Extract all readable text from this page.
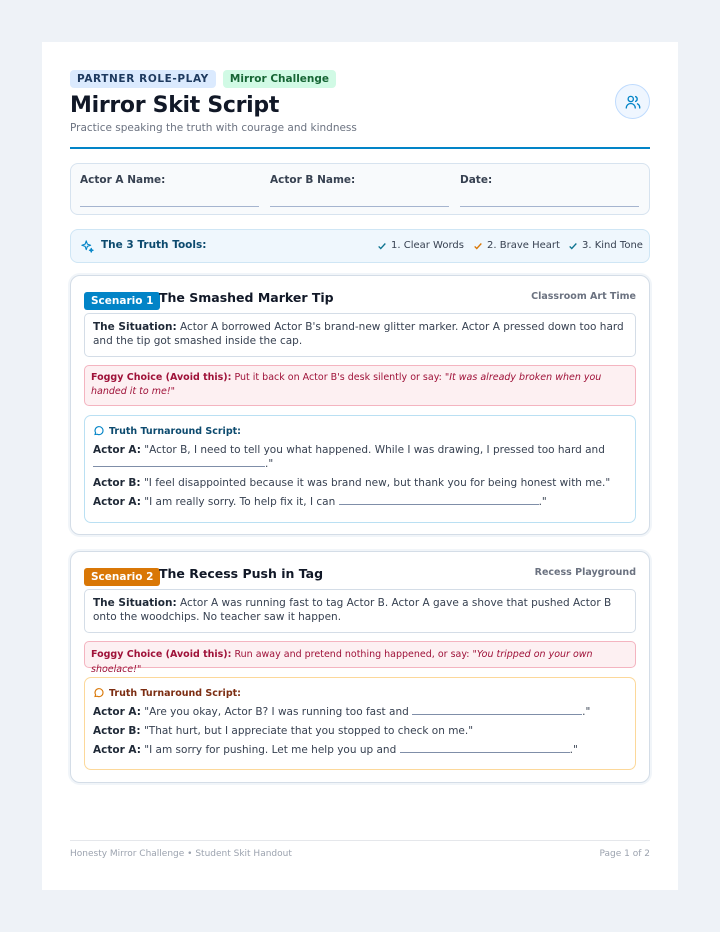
PARTNER ROLE-PLAY	Mirror Challenge
Mirror Skit Script
Practice speaking the truth with courage and kindness
Actor A Name:	Actor B Name:	Date:
The 3 Truth Tools:	1. Clear Words 2. Brave Heart 3. Kind Tone
Scenario 1 The Smashed Marker Tip	Classroom Art Time
The Situation: Actor A borrowed Actor B's brand-new glitter marker. Actor A pressed down too hard and the tip got smashed inside the cap.
Foggy Choice (Avoid this): Put it back on Actor B's desk silently or say: "It was already broken when you handed it to me!"
Truth Turnaround Script:
Actor A: "Actor B, I need to tell you what happened. While I was drawing, I pressed too hard and
."
Actor B: "I feel disappointed because it was brand new, but thank you for being honest with me."
Actor A: "I am really sorry. To help fix it, I can	."
Scenario 2 The Recess Push in Tag	Recess Playground
The Situation: Actor A was running fast to tag Actor B. Actor A gave a shove that pushed Actor B onto the woodchips. No teacher saw it happen.
Foggy Choice (Avoid this): Run away and pretend nothing happened, or say: "You tripped on your own shoelace!"
Truth Turnaround Script:
Actor A: "Are you okay, Actor B? I was running too fast and	."
Actor B: "That hurt, but I appreciate that you stopped to check on me."
Actor A: "I am sorry for pushing. Let me help you up and	."
Honesty Mirror Challenge • Student Skit Handout	Page 1 of 2
